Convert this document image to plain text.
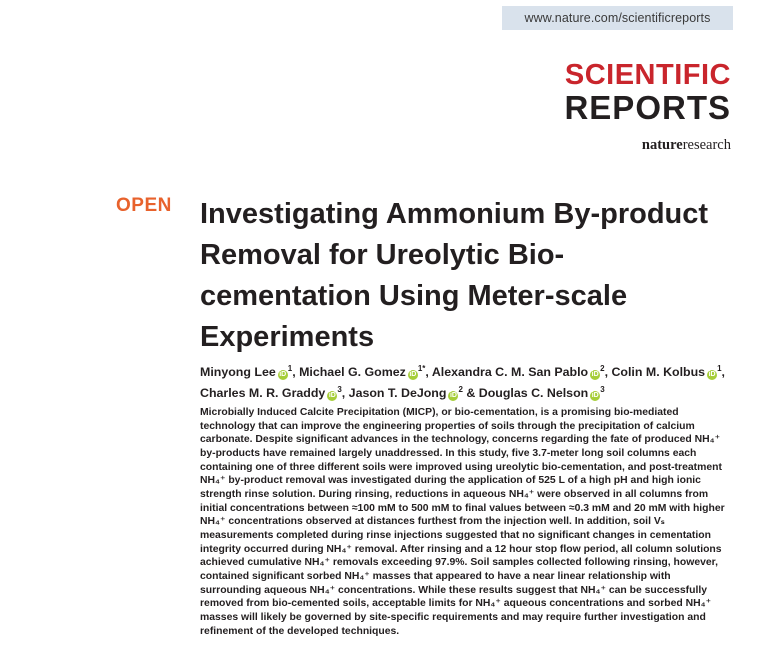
www.nature.com/scientificreports
SCIENTIFIC
REPORTS
natureresearch
OPEN Investigating Ammonium By-product Removal for Ureolytic Bio-cementation Using Meter-scale Experiments
Minyong Lee $iD^1$, Michael G. Gomez $iD^{1*}$, Alexandra C. M. San Pablo $iD^2$, Colin M. Kolbus $iD^1$,
Charles M. R. Graddy $iD^3$, Jason T. DeJong $iD^2$ & Douglas C. Nelson $iD^3$

Microbially Induced Calcite Precipitation (MICP), or bio-cementation, is a promising bio-mediated technology that can improve the engineering properties of soils through the precipitation of calcium carbonate. Despite significant advances in the technology, concerns regarding the fate of produced NH₄⁺ by-products have remained largely unaddressed. In this study, five 3.7-meter long soil columns each containing one of three different soils were improved using ureolytic bio-cementation, and post-treatment NH₄⁺ by-product removal was investigated during the application of 525 L of a high pH and high ionic strength rinse solution. During rinsing, reductions in aqueous NH₄⁺ were observed in all columns from initial concentrations between ≈100 mM to 500 mM to final values between ≈0.3 mM and 20 mM with higher NH₄⁺ concentrations observed at distances furthest from the injection well. In addition, soil Vₛ measurements completed during rinse injections suggested that no significant changes in cementation integrity occurred during NH₄⁺ removal. After rinsing and a 12 hour stop flow period, all column solutions achieved cumulative NH₄⁺ removals exceeding 97.9%. Soil samples collected following rinsing, however, contained significant sorbed NH₄⁺ masses that appeared to have a near linear relationship with surrounding aqueous NH₄⁺ concentrations. While these results suggest that NH₄⁺ can be successfully removed from bio-cemented soils, acceptable limits for NH₄⁺ aqueous concentrations and sorbed NH₄⁺ masses will likely be governed by site-specific requirements and may require further investigation and refinement of the developed techniques.
